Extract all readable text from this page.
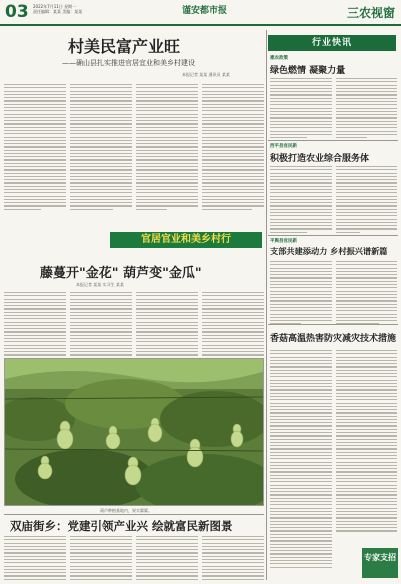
03 2022年7月11日 星期一
责任编辑：某某 美编：某某	谨安都市报	三农视窗
村美民富产业旺
——确山县扎实推进官居宜业和美乡村建设
本报记者 某某 通讯员 某某
官居官业和美乡村行
藤蔓开"金花" 葫芦变"金瓜"
本报记者 某某 实习生 某某
葫芦种植基地内，果实累累。
双庙街乡：党建引领产业兴 绘就富民新图景
行业快讯
惠农政策
绿色燃情 凝聚力量
西平县官民新
积极打造农业综合服务体
平舆县官民新
支部共建添动力 乡村振兴谱新篇
香菇高温热害防灾减灾技术措施
专家支招
